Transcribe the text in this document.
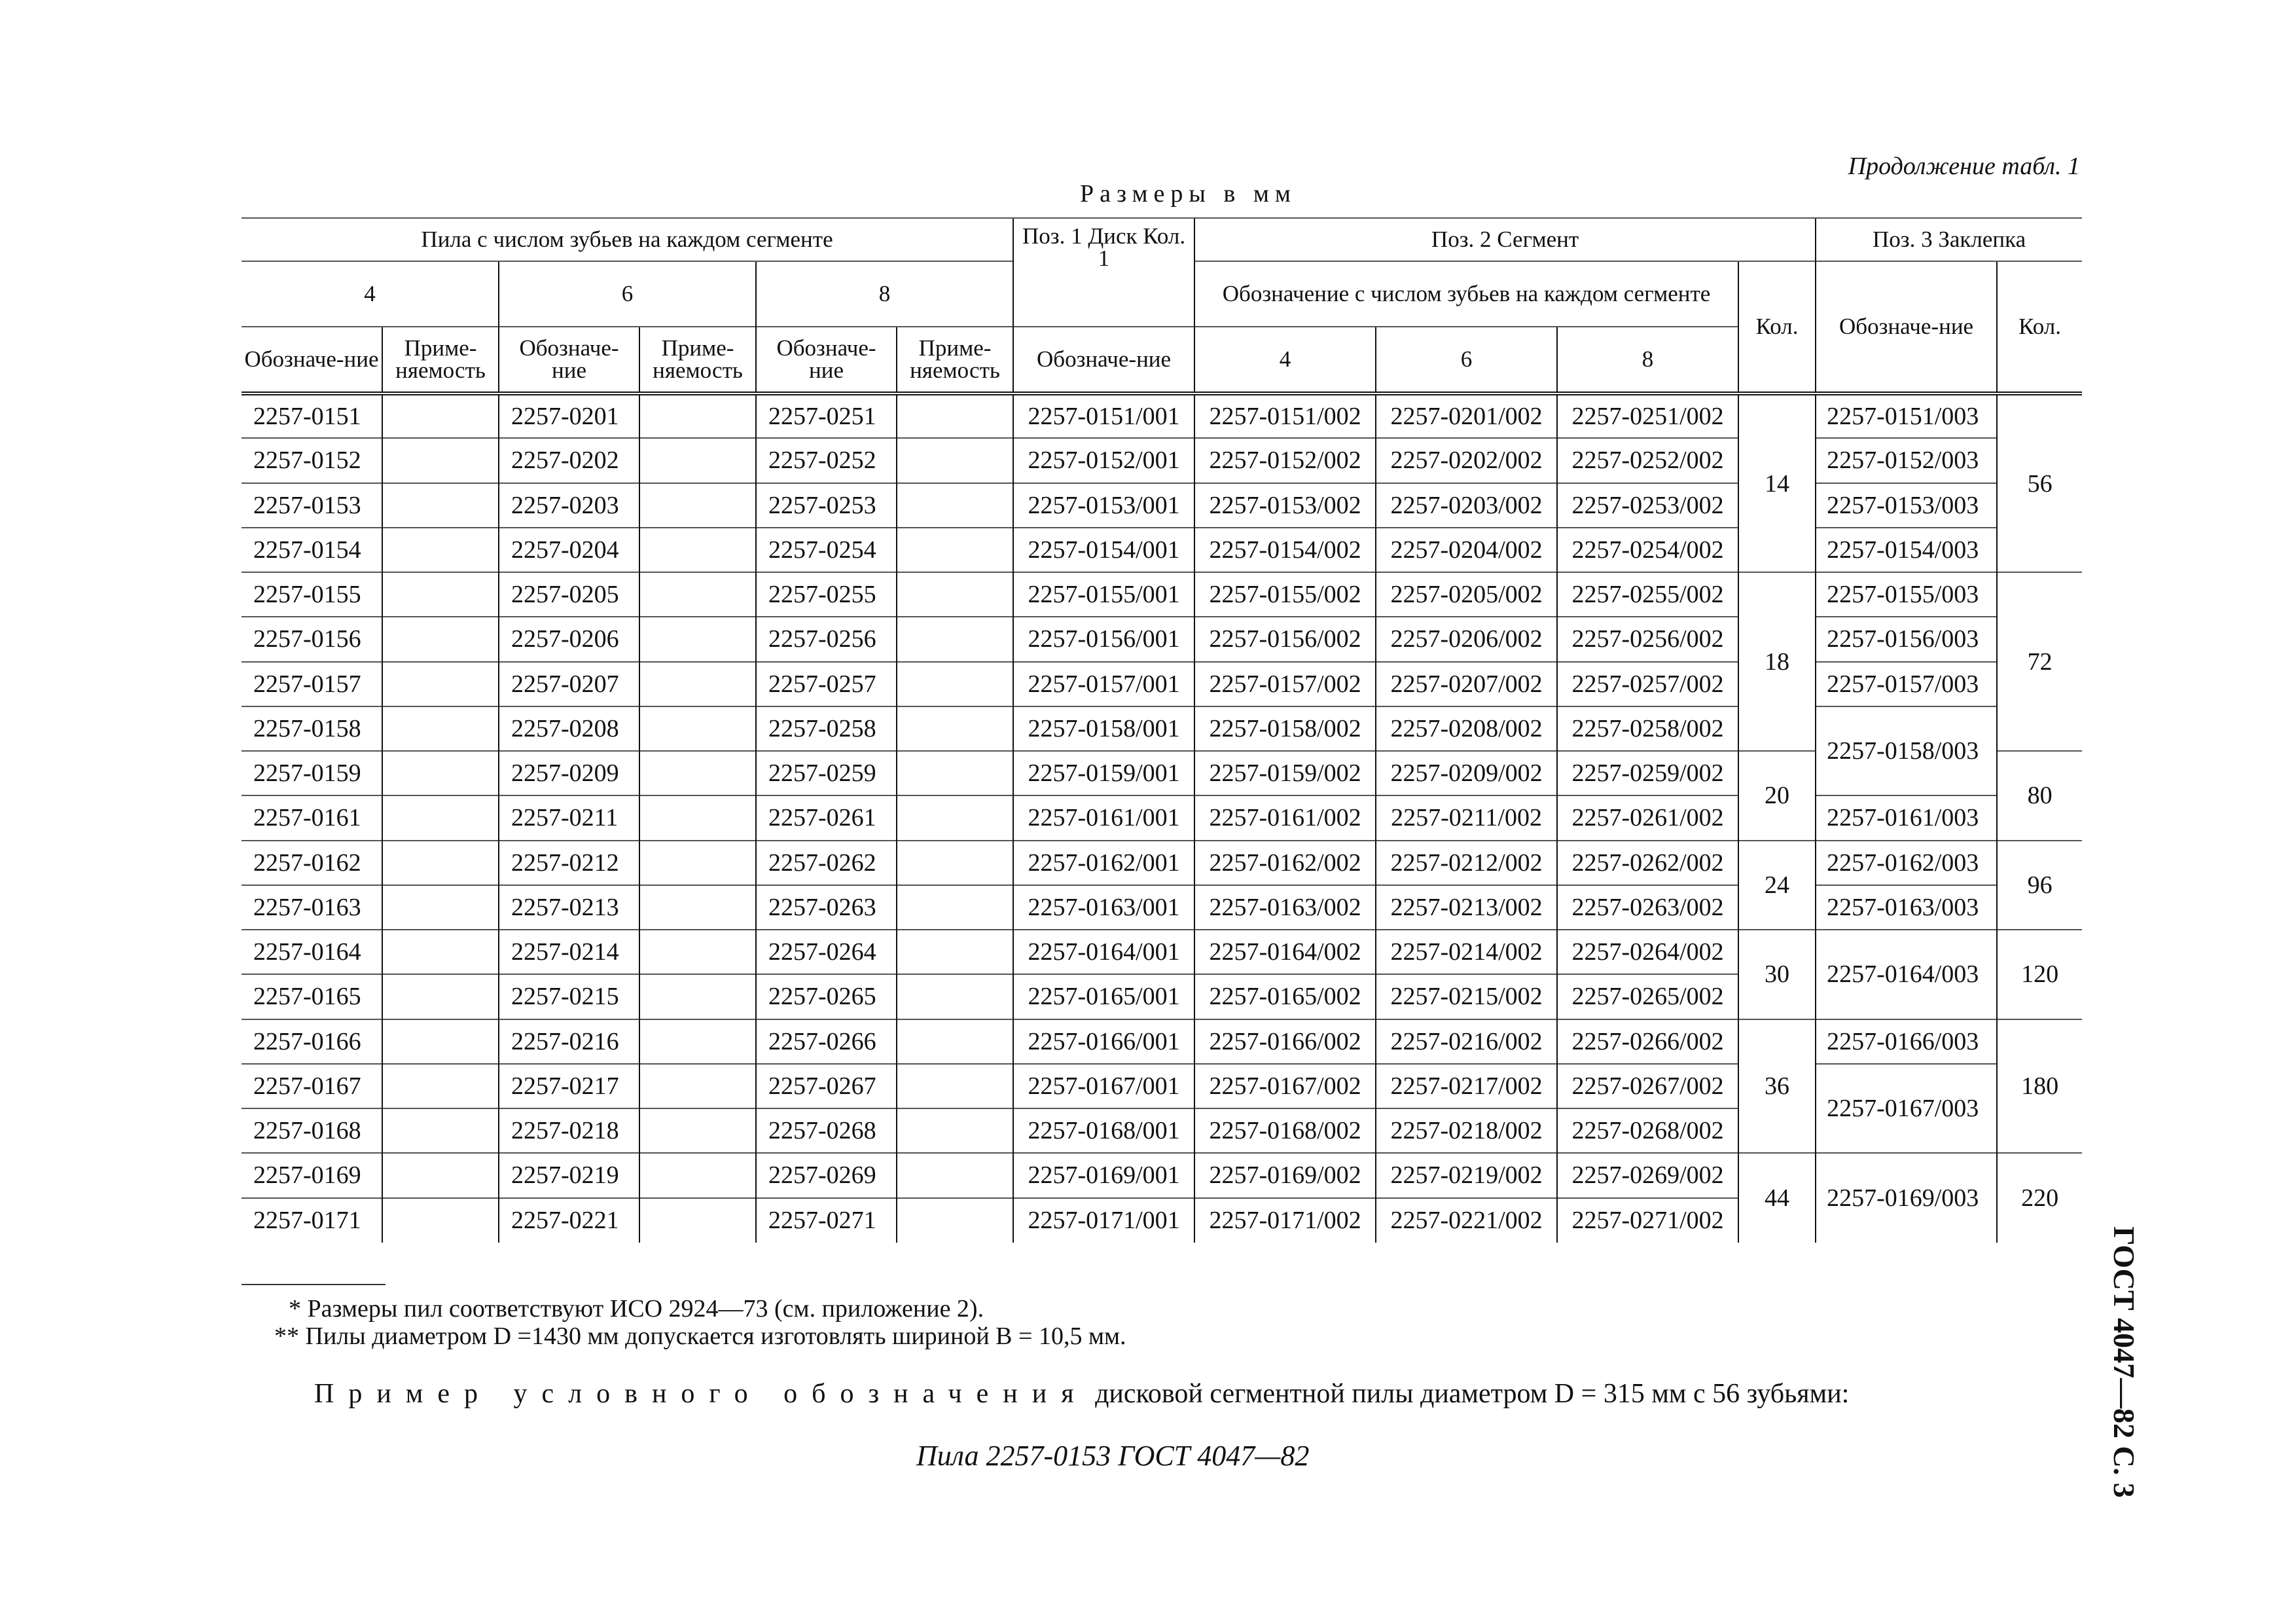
Продолжение табл. 1
Размеры в мм
Пила с числом зубьев на каждом сегменте						Поз. 1 Диск Кол. 1	Поз. 2 Сегмент				Поз. 3 Заклепка	
4		6		8			Обозначение с числом зубьев на каждом сегменте			Кол.	Обозначе-ние	Кол.
Обозначе-ние	Приме-няемость	Обозначе-ние	Приме-няемость	Обозначе-ние	Приме-няемость	Обозначе-ние	4	6	8			
2257-0151		2257-0201		2257-0251		2257-0151/001	2257-0151/002	2257-0201/002	2257-0251/002	14	2257-0151/003	56
2257-0152		2257-0202		2257-0252		2257-0152/001	2257-0152/002	2257-0202/002	2257-0252/002		2257-0152/003	
2257-0153		2257-0203		2257-0253		2257-0153/001	2257-0153/002	2257-0203/002	2257-0253/002		2257-0153/003	
2257-0154		2257-0204		2257-0254		2257-0154/001	2257-0154/002	2257-0204/002	2257-0254/002		2257-0154/003	
2257-0155		2257-0205		2257-0255		2257-0155/001	2257-0155/002	2257-0205/002	2257-0255/002	18	2257-0155/003	72
2257-0156		2257-0206		2257-0256		2257-0156/001	2257-0156/002	2257-0206/002	2257-0256/002		2257-0156/003	
2257-0157		2257-0207		2257-0257		2257-0157/001	2257-0157/002	2257-0207/002	2257-0257/002		2257-0157/003	
2257-0158		2257-0208		2257-0258		2257-0158/001	2257-0158/002	2257-0208/002	2257-0258/002		2257-0158/003	
2257-0159		2257-0209		2257-0259		2257-0159/001	2257-0159/002	2257-0209/002	2257-0259/002	20		80
2257-0161		2257-0211		2257-0261		2257-0161/001	2257-0161/002	2257-0211/002	2257-0261/002		2257-0161/003	
2257-0162		2257-0212		2257-0262		2257-0162/001	2257-0162/002	2257-0212/002	2257-0262/002	24	2257-0162/003	96
2257-0163		2257-0213		2257-0263		2257-0163/001	2257-0163/002	2257-0213/002	2257-0263/002		2257-0163/003	
2257-0164		2257-0214		2257-0264		2257-0164/001	2257-0164/002	2257-0214/002	2257-0264/002	30	2257-0164/003	120
2257-0165		2257-0215		2257-0265		2257-0165/001	2257-0165/002	2257-0215/002	2257-0265/002			
2257-0166		2257-0216		2257-0266		2257-0166/001	2257-0166/002	2257-0216/002	2257-0266/002	36	2257-0166/003	180
2257-0167		2257-0217		2257-0267		2257-0167/001	2257-0167/002	2257-0217/002	2257-0267/002		2257-0167/003	
2257-0168		2257-0218		2257-0268		2257-0168/001	2257-0168/002	2257-0218/002	2257-0268/002			
2257-0169		2257-0219		2257-0269		2257-0169/001	2257-0169/002	2257-0219/002	2257-0269/002	44	2257-0169/003	220
2257-0171		2257-0221		2257-0271		2257-0171/001	2257-0171/002	2257-0221/002	2257-0271/002			
* Размеры пил соответствуют ИСО 2924—73 (см. приложение 2).
** Пилы диаметром D =1430 мм допускается изготовлять шириной B = 10,5 мм.
Пример условного обозначения дисковой сегментной пилы диаметром D = 315 мм с 56 зубьями:
Пила 2257-0153 ГОСТ 4047—82	ГОСТ 4047—82 С. 3
